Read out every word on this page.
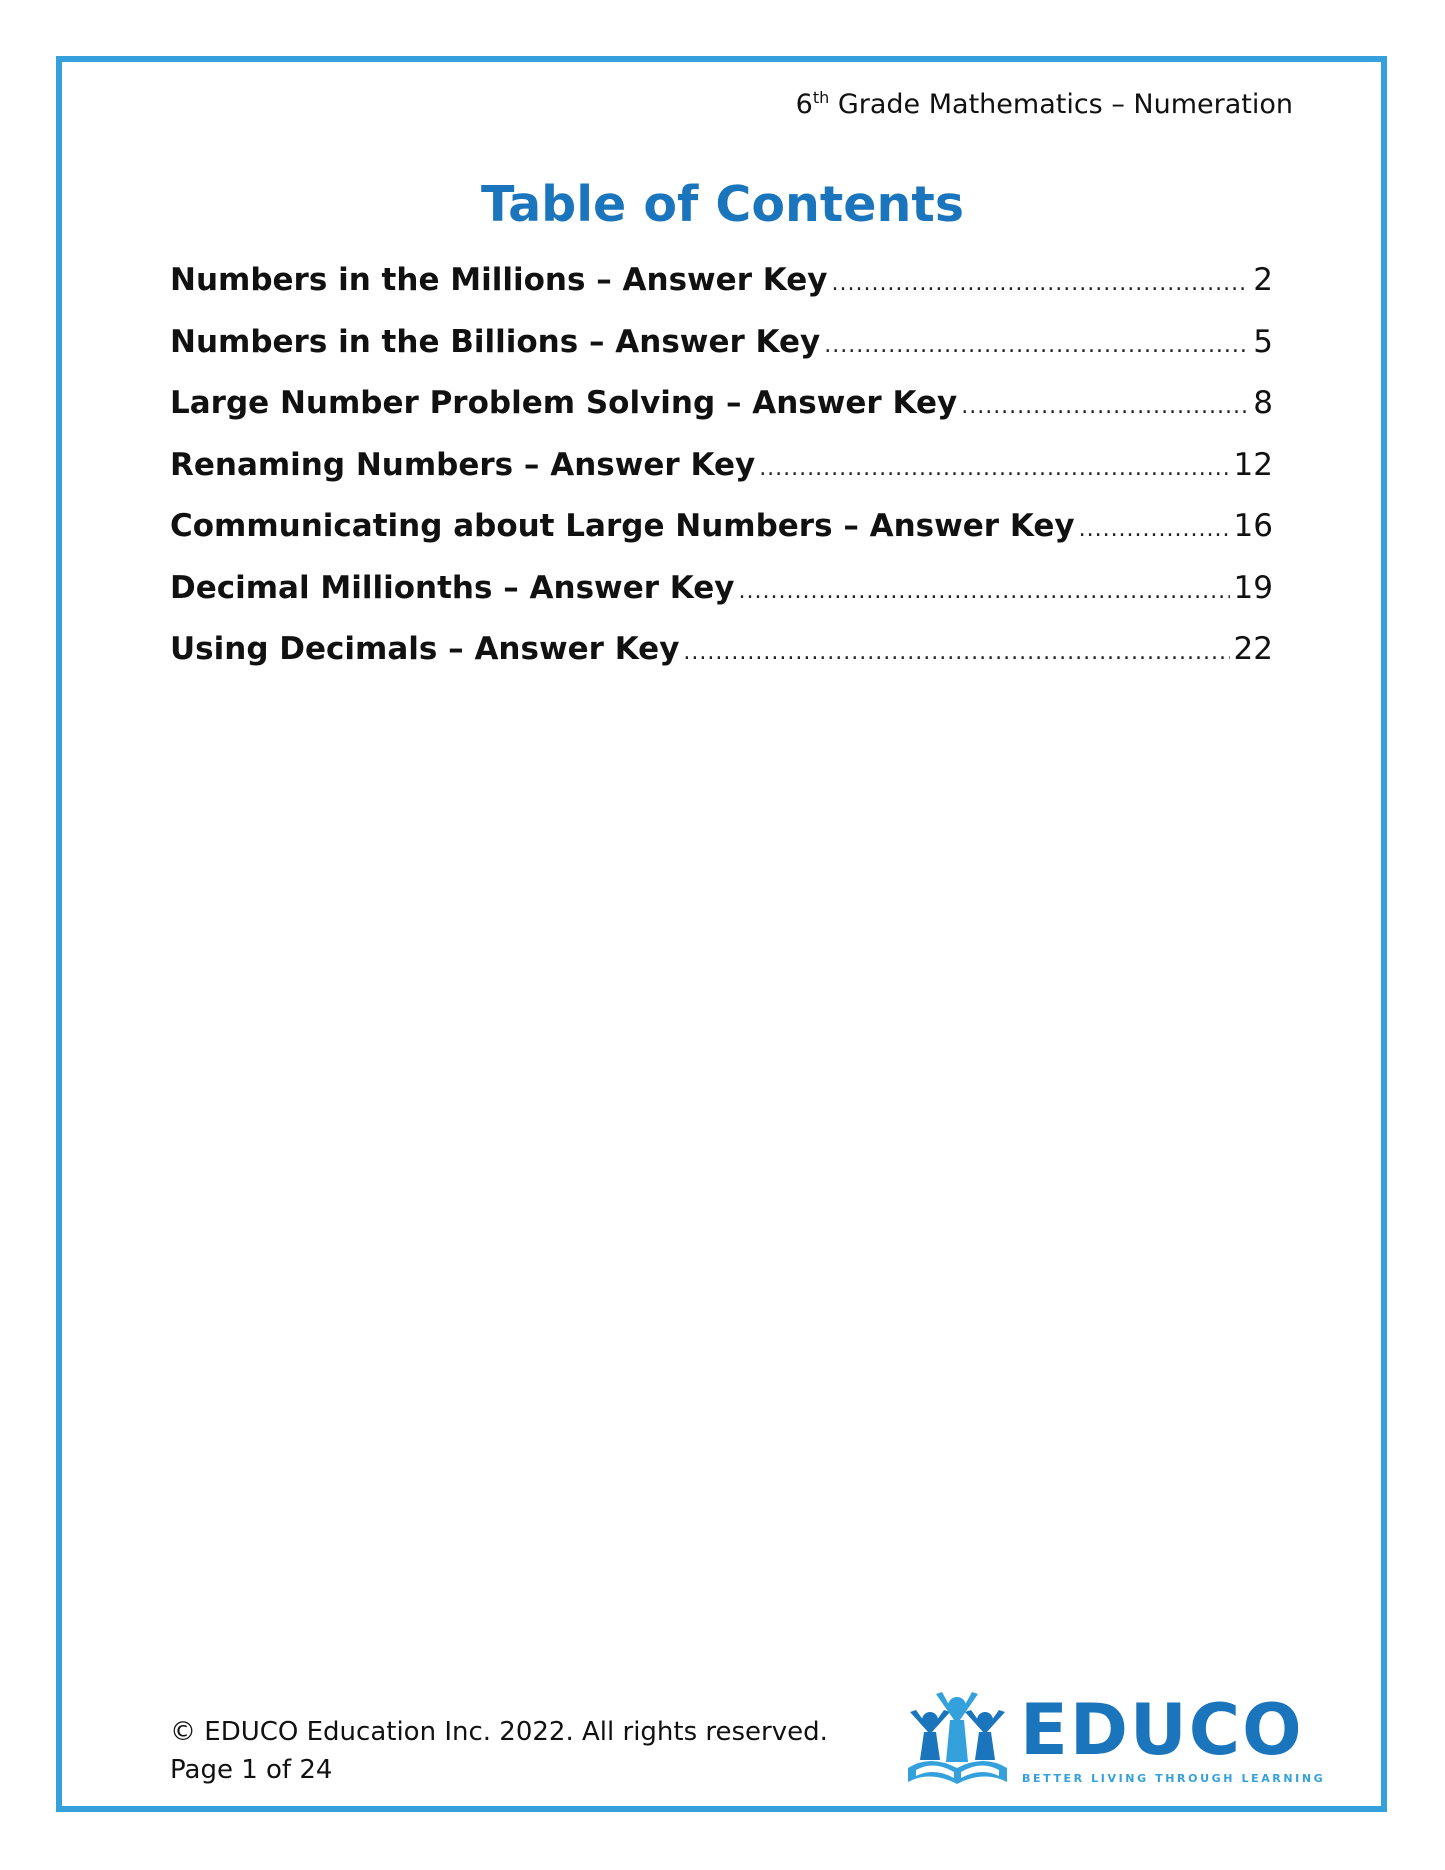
6th Grade Mathematics – Numeration
Table of Contents
Numbers in the Millions – Answer Key .....	2
Numbers in the Billions – Answer Key .....	5
Large Number Problem Solving – Answer Key .....	8
Renaming Numbers – Answer Key .....	12
Communicating about Large Numbers – Answer Key .....	16
Decimal Millionths – Answer Key .....	19
Using Decimals – Answer Key .....	22
© EDUCO Education Inc. 2022. All rights reserved.
Page 1 of 24	EDUCO
BETTER LIVING THROUGH LEARNING
